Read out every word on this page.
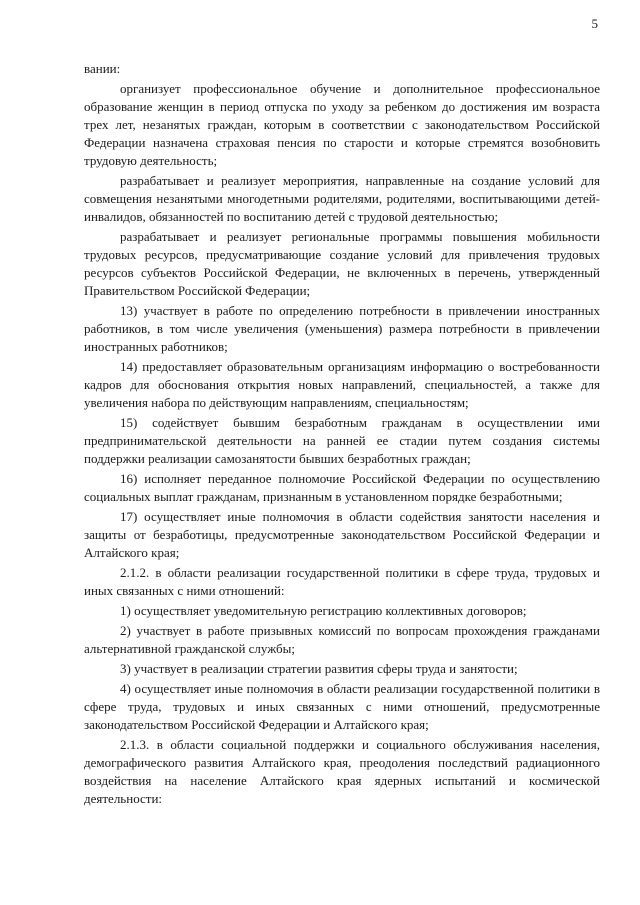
5

вании:

организует профессиональное обучение и дополнительное профессиональное образование женщин в период отпуска по уходу за ребенком до достижения им возраста трех лет, незанятых граждан, которым в соответствии с законодательством Российской Федерации назначена страховая пенсия по старости и которые стремятся возобновить трудовую деятельность;

разрабатывает и реализует мероприятия, направленные на создание условий для совмещения незанятыми многодетными родителями, родителями, воспитывающими детей-инвалидов, обязанностей по воспитанию детей с трудовой деятельностью;

разрабатывает и реализует региональные программы повышения мобильности трудовых ресурсов, предусматривающие создание условий для привлечения трудовых ресурсов субъектов Российской Федерации, не включенных в перечень, утвержденный Правительством Российской Федерации;

13) участвует в работе по определению потребности в привлечении иностранных работников, в том числе увеличения (уменьшения) размера потребности в привлечении иностранных работников;

14) предоставляет образовательным организациям информацию о востребованности кадров для обоснования открытия новых направлений, специальностей, а также для увеличения набора по действующим направлениям, специальностям;

15) содействует бывшим безработным гражданам в осуществлении ими предпринимательской деятельности на ранней ее стадии путем создания системы поддержки реализации самозанятости бывших безработных граждан;

16) исполняет переданное полномочие Российской Федерации по осуществлению социальных выплат гражданам, признанным в установленном порядке безработными;

17) осуществляет иные полномочия в области содействия занятости населения и защиты от безработицы, предусмотренные законодательством Российской Федерации и Алтайского края;

2.1.2. в области реализации государственной политики в сфере труда, трудовых и иных связанных с ними отношений:

1) осуществляет уведомительную регистрацию коллективных договоров;

2) участвует в работе призывных комиссий по вопросам прохождения гражданами альтернативной гражданской службы;

3) участвует в реализации стратегии развития сферы труда и занятости;

4) осуществляет иные полномочия в области реализации государственной политики в сфере труда, трудовых и иных связанных с ними отношений, предусмотренные законодательством Российской Федерации и Алтайского края;

2.1.3. в области социальной поддержки и социального обслуживания населения, демографического развития Алтайского края, преодоления последствий радиационного воздействия на население Алтайского края ядерных испытаний и космической деятельности:
